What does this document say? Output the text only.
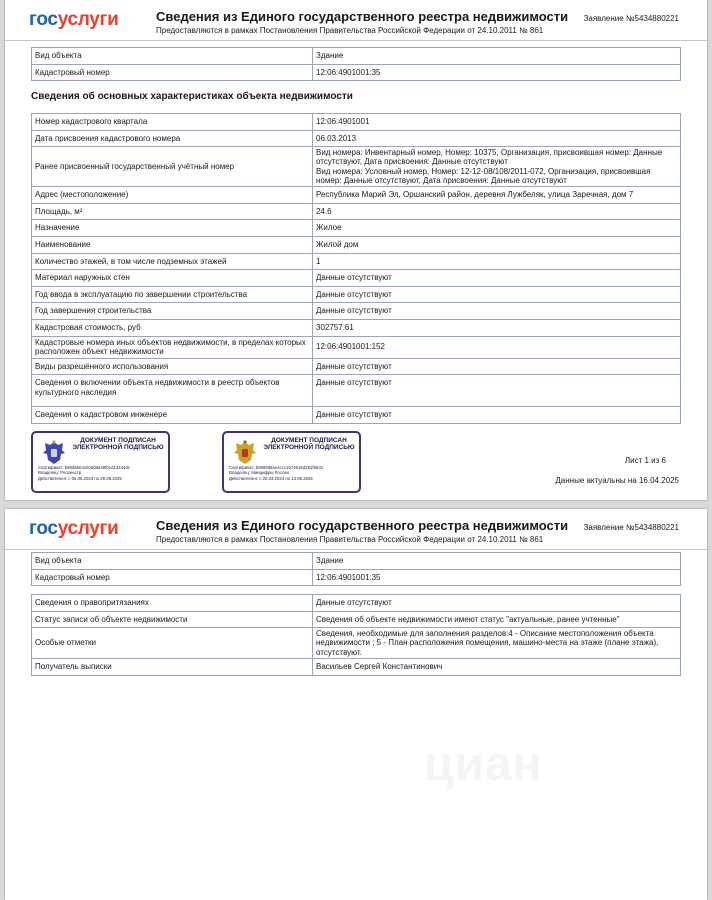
госуслуги	Сведения из Единого государственного реестра недвижимости
Предоставляются в рамках Постановления Правительства Российской Федерации от 24.10.2011 № 861
Заявление №5434880221
Вид объекта	Здание
Кадастровый номер	12:06:4901001:35
Сведения об основных характеристиках объекта недвижимости
Номер кадастрового квартала	12:06:4901001
Дата присвоения кадастрового номера	06.03.2013
Ранее присвоенный государственный учётный номер	Вид номера: Инвентарный номер, Номер: 10375, Организация, присвоившая номер: Данные отсутствуют, Дата присвоения: Данные отсутствуют
Вид номера: Условный номер, Номер: 12-12-08/108/2011-072, Организация, присвоившая номер: Данные отсутствуют, Дата присвоения: Данные отсутствуют
Адрес (местоположение)	Республика Марий Эл, Оршанский район, деревня Лужбеляк, улица Заречная, дом 7
Площадь, м²	24.6
Назначение	Жилое
Наименование	Жилой дом
Количество этажей, в том числе подземных этажей	1
Материал наружных стен	Данные отсутствуют
Год ввода в эксплуатацию по завершении строительства	Данные отсутствуют
Год завершения строительства	Данные отсутствуют
Кадастровая стоимость, руб	302757.61
Кадастровые номера иных объектов недвижимости, в пределах которых расположен объект недвижимости	12:06:4901001:152
Виды разрешённого использования	Данные отсутствуют
Сведения о включении объекта недвижимости в реестр объектов культурного наследия	Данные отсутствуют
Сведения о кадастровом инженере	Данные отсутствуют
ДОКУМЕНТ ПОДПИСАН ЭЛЕКТРОННОЙ ПОДПИСЬЮ
Сертификат: b88d5604cb0dd8a49f01d13444dc
Владелец: Росреестр
Действителен: с 05.06.2024 по 29.08.2025
ДОКУМЕНТ ПОДПИСАН ЭЛЕКТРОННОЙ ПОДПИСЬЮ
Сертификат: b0599d8ee4ccc1b74616d291f9531
Владелец: Минцифры России
Действителен: с 20.03.2024 по 13.06.2025
Лист 1 из 6
Данные актуальны на 16.04.2025
госуслуги	Сведения из Единого государственного реестра недвижимости
Предоставляются в рамках Постановления Правительства Российской Федерации от 24.10.2011 № 861
Заявление №5434880221
Вид объекта	Здание
Кадастровый номер	12:06:4901001:35
Сведения о правопритязаниях	Данные отсутствуют
Статус записи об объекте недвижимости	Сведения об объекте недвижимости имеют статус "актуальные, ранее учтенные"
Особые отметки	Сведения, необходимые для заполнения разделов:4 - Описание местоположения объекта недвижимости ; 5 - План расположения помещения, машино-места на этаже (плане этажа), отсутствуют.
Получатель выписки	Васильев Сергей Константинович
